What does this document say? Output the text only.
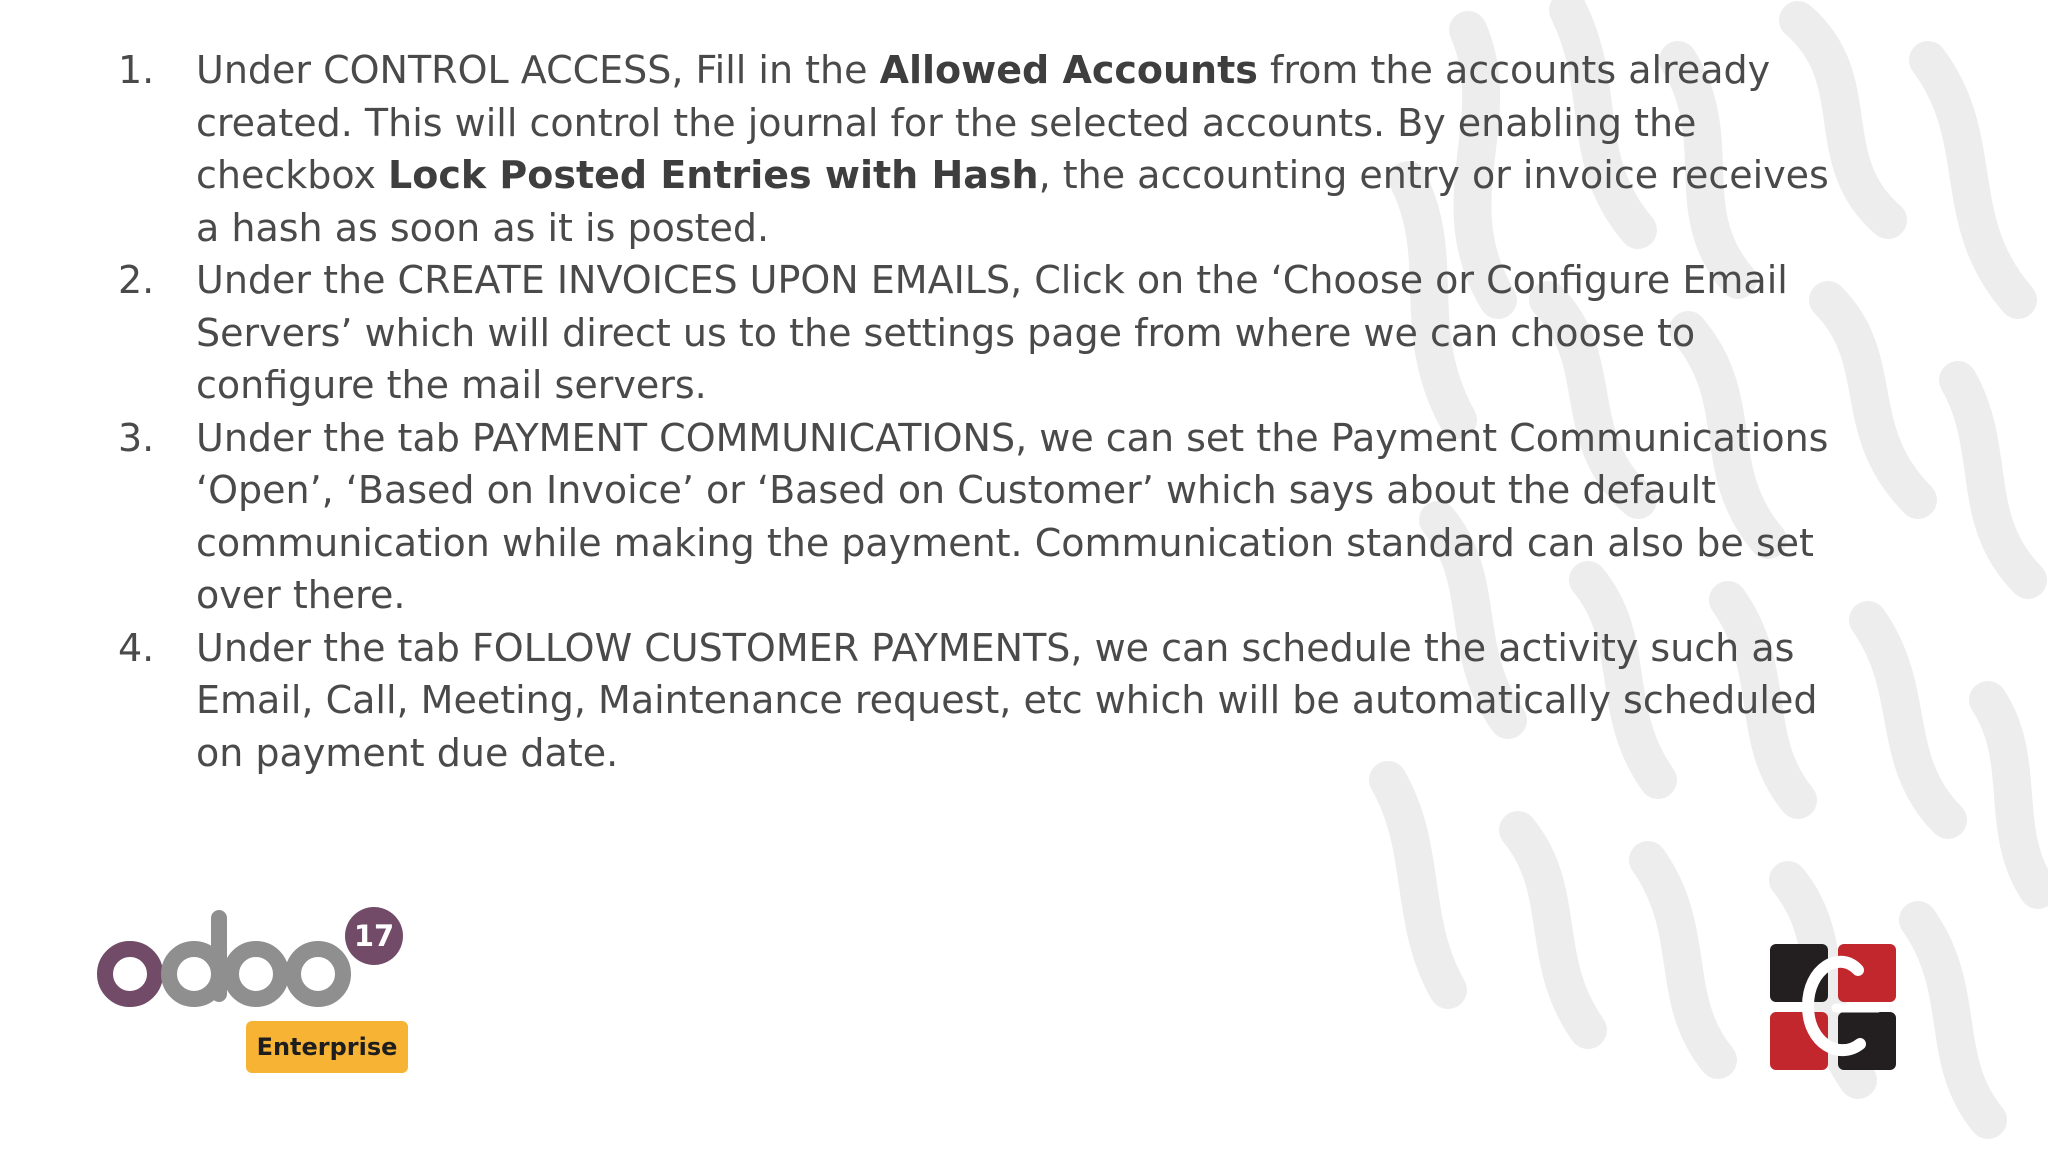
1.	Under CONTROL ACCESS, Fill in the Allowed Accounts from the accounts already created. This will control the journal for the selected accounts. By enabling the checkbox Lock Posted Entries with Hash, the accounting entry or invoice receives a hash as soon as it is posted.
2.	Under the CREATE INVOICES UPON EMAILS, Click on the ‘Choose or Configure Email Servers’ which will direct us to the settings page from where we can choose to configure the mail servers.
3.	Under the tab PAYMENT COMMUNICATIONS, we can set the Payment Communications ‘Open’, ‘Based on Invoice’ or ‘Based on Customer’ which says about the default communication while making the payment. Communication standard can also be set over there.
4.	Under the tab FOLLOW CUSTOMER PAYMENTS, we can schedule the activity such as Email, Call, Meeting, Maintenance request, etc which will be automatically scheduled on payment due date.
17
Enterprise
